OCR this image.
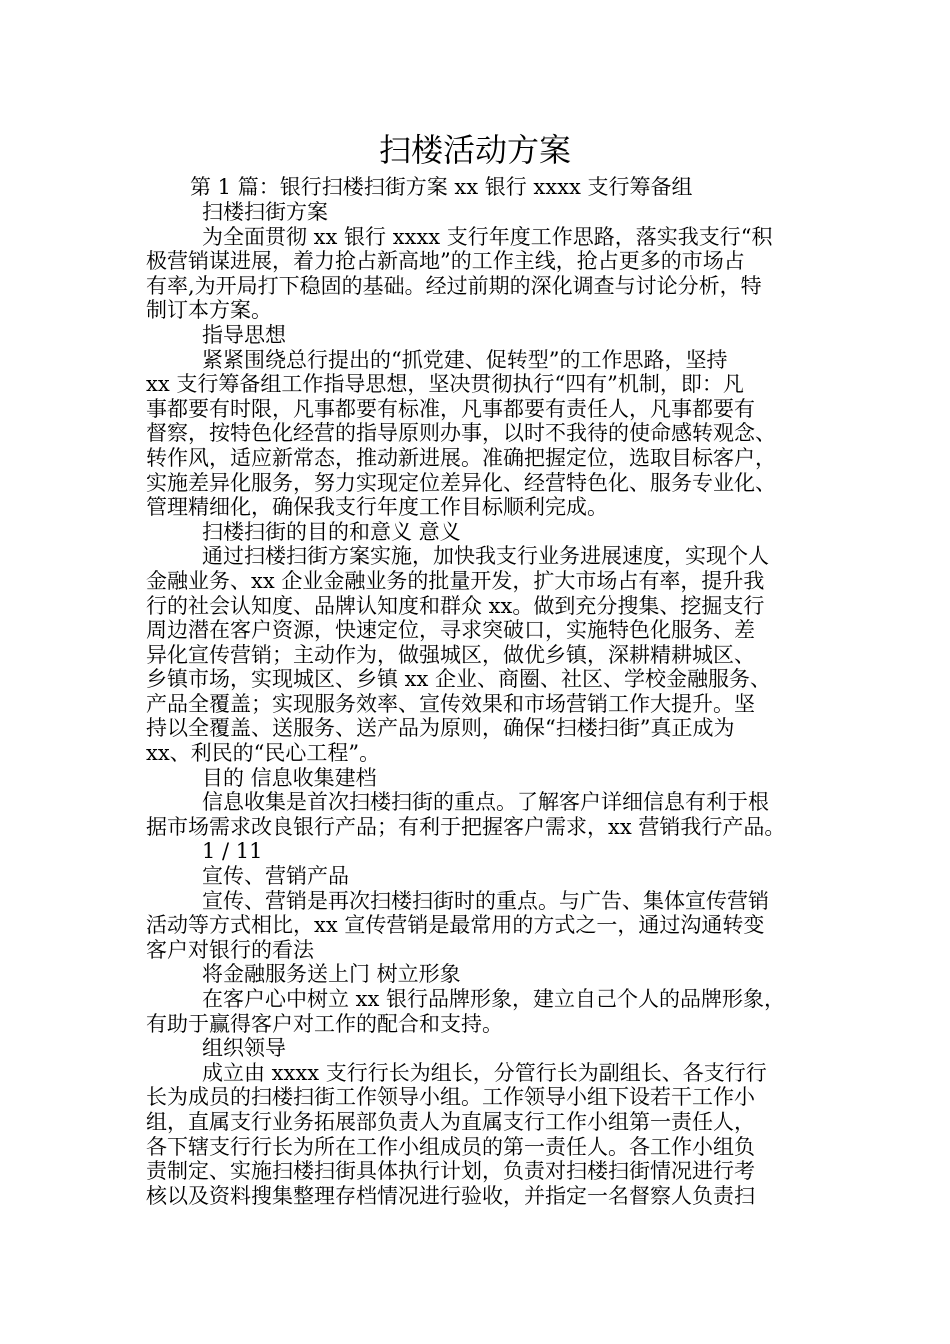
扫楼活动方案
第 1 篇：银行扫楼扫街方案 xx 银行 xxxx 支行筹备组
扫楼扫街方案
为全面贯彻 xx 银行 xxxx 支行年度工作思路，落实我支行“积
极营销谋进展，着力抢占新高地”的工作主线，抢占更多的市场占
有率,为开局打下稳固的基础。经过前期的深化调查与讨论分析，特
制订本方案。
指导思想
紧紧围绕总行提出的“抓党建、促转型”的工作思路，坚持
xx 支行筹备组工作指导思想，坚决贯彻执行“四有”机制，即：凡
事都要有时限，凡事都要有标准，凡事都要有责任人，凡事都要有
督察，按特色化经营的指导原则办事，以时不我待的使命感转观念、
转作风，适应新常态，推动新进展。准确把握定位，选取目标客户，
实施差异化服务，努力实现定位差异化、经营特色化、服务专业化、
管理精细化，确保我支行年度工作目标顺利完成。
扫楼扫街的目的和意义 意义
通过扫楼扫街方案实施，加快我支行业务进展速度，实现个人
金融业务、xx 企业金融业务的批量开发，扩大市场占有率，提升我
行的社会认知度、品牌认知度和群众 xx。做到充分搜集、挖掘支行
周边潜在客户资源，快速定位，寻求突破口，实施特色化服务、差
异化宣传营销；主动作为，做强城区，做优乡镇，深耕精耕城区、
乡镇市场，实现城区、乡镇 xx 企业、商圈、社区、学校金融服务、
产品全覆盖；实现服务效率、宣传效果和市场营销工作大提升。坚
持以全覆盖、送服务、送产品为原则，确保“扫楼扫街”真正成为
xx、利民的“民心工程”。
目的 信息收集建档
信息收集是首次扫楼扫街的重点。了解客户详细信息有利于根
据市场需求改良银行产品；有利于把握客户需求，xx 营销我行产品。
1 / 11
宣传、营销产品
宣传、营销是再次扫楼扫街时的重点。与广告、集体宣传营销
活动等方式相比，xx 宣传营销是最常用的方式之一，通过沟通转变
客户对银行的看法
将金融服务送上门 树立形象
在客户心中树立 xx 银行品牌形象，建立自己个人的品牌形象，
有助于赢得客户对工作的配合和支持。
组织领导
成立由 xxxx 支行行长为组长，分管行长为副组长、各支行行
长为成员的扫楼扫街工作领导小组。工作领导小组下设若干工作小
组，直属支行业务拓展部负责人为直属支行工作小组第一责任人，
各下辖支行行长为所在工作小组成员的第一责任人。各工作小组负
责制定、实施扫楼扫街具体执行计划，负责对扫楼扫街情况进行考
核以及资料搜集整理存档情况进行验收，并指定一名督察人负责扫
